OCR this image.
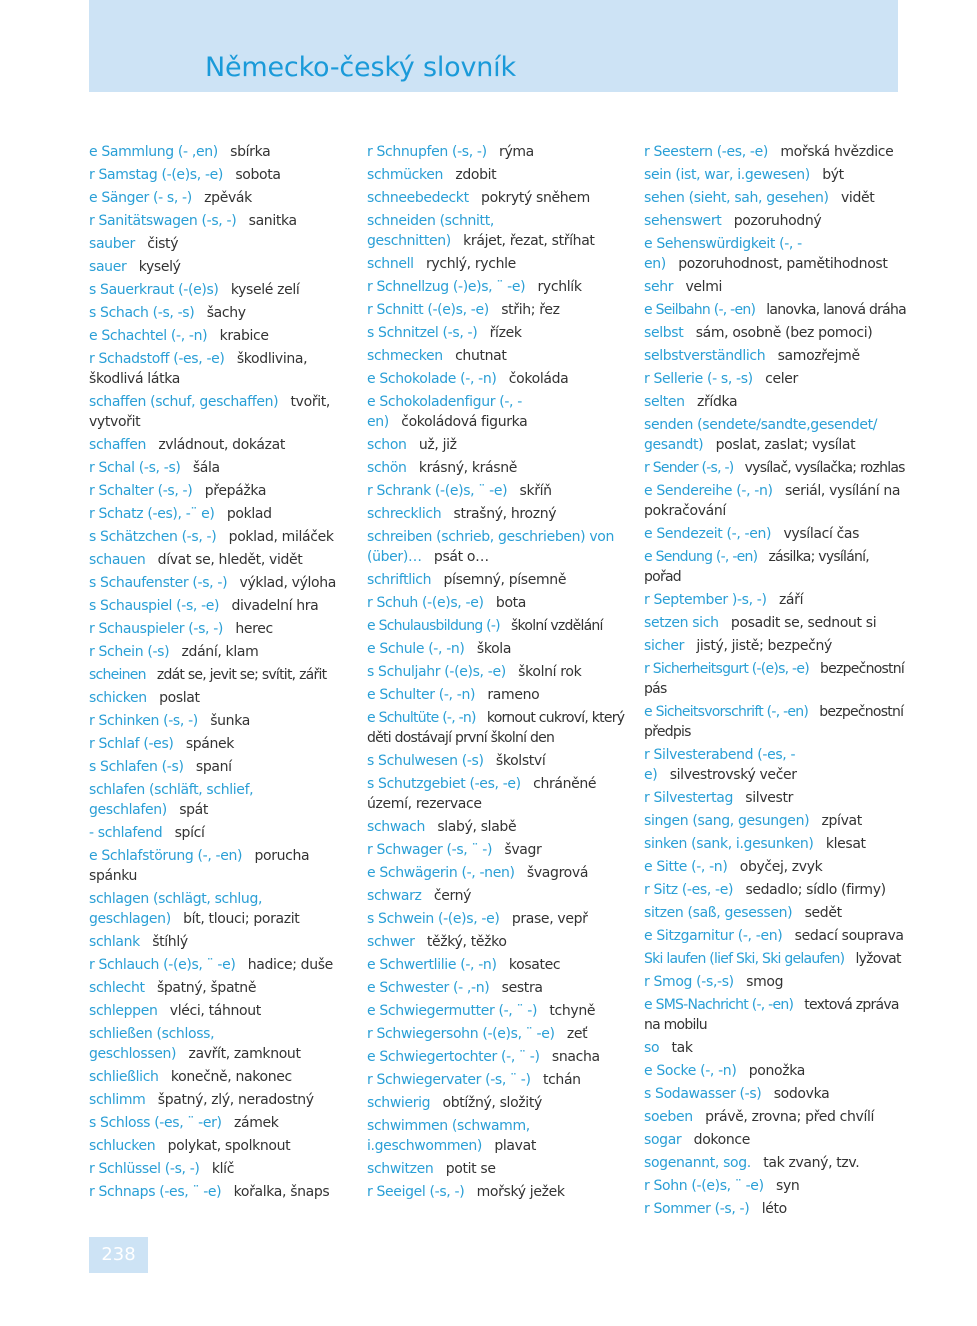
Německo-český slovník
e Sammlung (- ,en) sbírka
r Samstag (-(e)s, -e) sobota
e Sänger (- s, -) zpěvák
r Sanitätswagen (-s, -) sanitka
sauber čistý
sauer kyselý
s Sauerkraut (-(e)s) kyselé zelí
s Schach (-s, -s) šachy
e Schachtel (-, -n) krabice
r Schadstoff (-es, -e) škodlivina, škodlivá látka
schaffen (schuf, geschaffen) tvořit, vytvořit
schaffen zvládnout, dokázat
r Schal (-s, -s) šála
r Schalter (-s, -) přepážka
r Schatz (-es), -¨ e) poklad
s Schätzchen (-s, -) poklad, miláček
schauen dívat se, hledět, vidět
s Schaufenster (-s, -) výklad, výloha
s Schauspiel (-s, -e) divadelní hra
r Schauspieler (-s, -) herec
r Schein (-s) zdání, klam
scheinen zdát se, jevit se; svítit, zářit
schicken poslat
r Schinken (-s, -) šunka
r Schlaf (-es) spánek
s Schlafen (-s) spaní
schlafen (schläft, schlief, geschlafen) spát
- schlafend spící
e Schlafstörung (-, -en) porucha spánku
schlagen (schlägt, schlug, geschlagen) bít, tlouci; porazit
schlank štíhlý
r Schlauch (-(e)s, ¨ -e) hadice; duše
schlecht špatný, špatně
schleppen vléci, táhnout
schließen (schloss, geschlossen) zavřít, zamknout
schließlich konečně, nakonec
schlimm špatný, zlý, neradostný
s Schloss (-es, ¨ -er) zámek
schlucken polykat, spolknout
r Schlüssel (-s, -) klíč
r Schnaps (-es, ¨ -e) kořalka, šnaps
r Schnupfen (-s, -) rýma
schmücken zdobit
schneebedeckt pokrytý sněhem
schneiden (schnitt, geschnitten) krájet, řezat, stříhat
schnell rychlý, rychle
r Schnellzug (-)e)s, ¨ -e) rychlík
r Schnitt (-(e)s, -e) střih; řez
s Schnitzel (-s, -) řízek
schmecken chutnat
e Schokolade (-, -n) čokoláda
e Schokoladenfigur (-, -en) čokoládová figurka
schon už, již
schön krásný, krásně
r Schrank (-(e)s, ¨ -e) skříň
schrecklich strašný, hrozný
schreiben (schrieb, geschrieben) von (über)… psát o…
schriftlich písemný, písemně
r Schuh (-(e)s, -e) bota
e Schulausbildung (-) školní vzdělání
e Schule (-, -n) škola
s Schuljahr (-(e)s, -e) školní rok
e Schulter (-, -n) rameno
e Schultüte (-, -n) kornout cukroví, který děti dostávají první školní den
s Schulwesen (-s) školství
s Schutzgebiet (-es, -e) chráněné území, rezervace
schwach slabý, slabě
r Schwager (-s, ¨ -) švagr
e Schwägerin (-, -nen) švagrová
schwarz černý
s Schwein (-(e)s, -e) prase, vepř
schwer těžký, těžko
e Schwertlilie (-, -n) kosatec
e Schwester (- ,-n) sestra
e Schwiegermutter (-, ¨ -) tchyně
r Schwiegersohn (-(e)s, ¨ -e) zeť
e Schwiegertochter (-, ¨ -) snacha
r Schwiegervater (-s, ¨ -) tchán
schwierig obtížný, složitý
schwimmen (schwamm, i.geschwommen) plavat
schwitzen potit se
r Seeigel (-s, -) mořský ježek
r Seestern (-es, -e) mořská hvězdice
sein (ist, war, i.gewesen) být
sehen (sieht, sah, gesehen) vidět
sehenswert pozoruhodný
e Sehenswürdigkeit (-, -en) pozoruhodnost, pamětihodnost
sehr velmi
e Seilbahn (-, -en) lanovka, lanová dráha
selbst sám, osobně (bez pomoci)
selbstverständlich samozřejmě
r Sellerie (- s, -s) celer
selten zřídka
senden (sendete/sandte,gesendet/ gesandt) poslat, zaslat; vysílat
r Sender (-s, -) vysílač, vysílačka; rozhlas
e Sendereihe (-, -n) seriál, vysílání na pokračování
e Sendezeit (-, -en) vysílací čas
e Sendung (-, -en) zásilka; vysílání, pořad
r September )-s, -) září
setzen sich posadit se, sednout si
sicher jistý, jistě; bezpečný
r Sicherheitsgurt (-(e)s, -e) bezpečnostní pás
e Sicheitsvorschrift (-, -en) bezpečnostní předpis
r Silvesterabend (-es, -e) silvestrovský večer
r Silvestertag silvestr
singen (sang, gesungen) zpívat
sinken (sank, i.gesunken) klesat
e Sitte (-, -n) obyčej, zvyk
r Sitz (-es, -e) sedadlo; sídlo (firmy)
sitzen (saß, gesessen) sedět
e Sitzgarnitur (-, -en) sedací souprava
Ski laufen (lief Ski, Ski gelaufen) lyžovat
r Smog (-s,-s) smog
e SMS-Nachricht (-, -en) textová zpráva na mobilu
so tak
e Socke (-, -n) ponožka
s Sodawasser (-s) sodovka
soeben právě, zrovna; před chvílí
sogar dokonce
sogenannt, sog. tak zvaný, tzv.
r Sohn (-(e)s, ¨ -e) syn
r Sommer (-s, -) léto
238
